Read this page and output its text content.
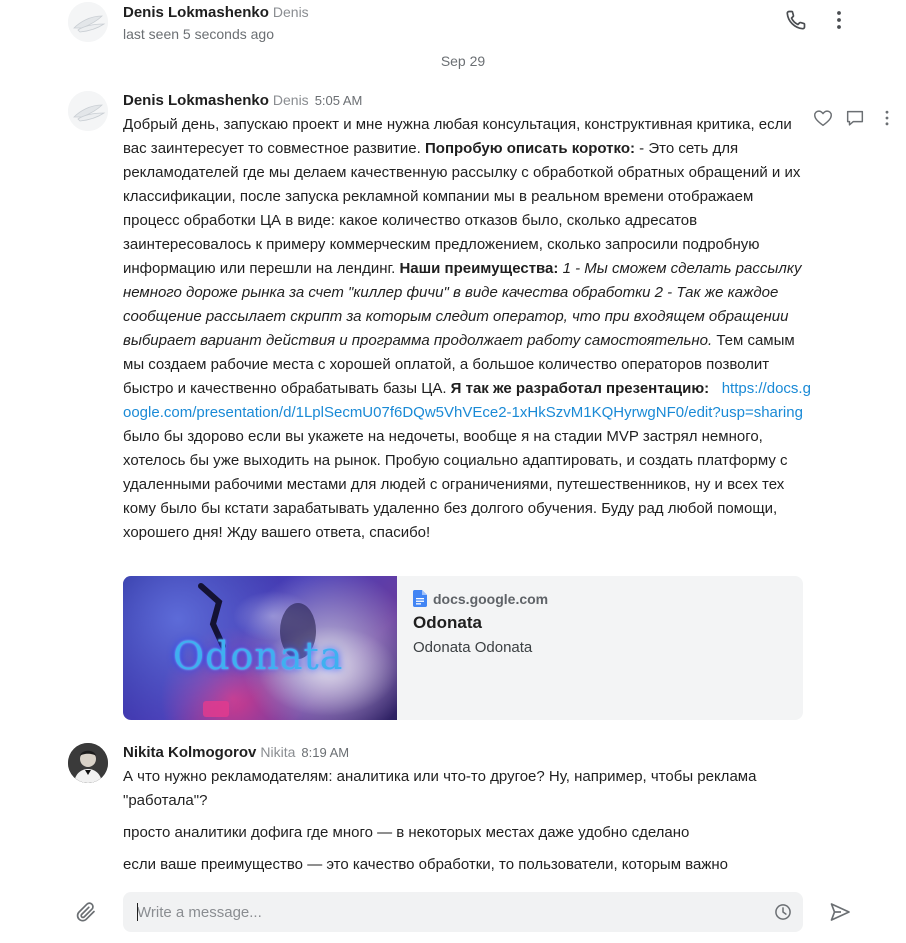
Denis Lokmashenko Denis
last seen 5 seconds ago
Sep 29
Denis Lokmashenko Denis 5:05 AM
Добрый день, запускаю проект и мне нужна любая консультация, конструктивная критика, если вас заинтересует то совместное развитие. Попробую описать коротко: - Это сеть для рекламодателей где мы делаем качественную рассылку с обработкой обратных обращений и их классификации, после запуска рекламной компании мы в реальном времени отображаем процесс обработки ЦА в виде: какое количество отказов было, сколько адресатов заинтересовалось к примеру коммерческим предложением, сколько запросили подробную информацию или перешли на лендинг. Наши преимущества: 1 - Мы сможем сделать рассылку немного дороже рынка за счет "киллер фичи" в виде качества обработки 2 - Так же каждое сообщение рассылает скрипт за которым следит оператор, что при входящем обращении выбирает вариант действия и программа продолжает работу самостоятельно. Тем самым мы создаем рабочие места с хорошей оплатой, а большое количество операторов позволит быстро и качественно обрабатывать базы ЦА. Я так же разработал презентацию: https://docs.google.com/presentation/d/1LplSecmU07f6DQw5VhVEce2-1xHkSzvM1KQHyrwgNF0/edit?usp=sharing было бы здорово если вы укажете на недочеты, вообще я на стадии MVP застрял немного, хотелось бы уже выходить на рынок. Пробую социально адаптировать, и создать платформу с удаленными рабочими местами для людей с ограничениями, путешественников, ну и всех тех кому было бы кстати зарабатывать удаленно без долгого обучения. Буду рад любой помощи, хорошего дня! Жду вашего ответа, спасибо!
Odonata
docs.google.com
Odonata
Odonata Odonata
Nikita Kolmogorov Nikita 8:19 AM
А что нужно рекламодателям: аналитика или что-то другое? Ну, например, чтобы реклама "работала"?
просто аналитики дофига где много — в некоторых местах даже удобно сделано
если ваше преимущество — это качество обработки, то пользователи, которым важно
Write a message...
